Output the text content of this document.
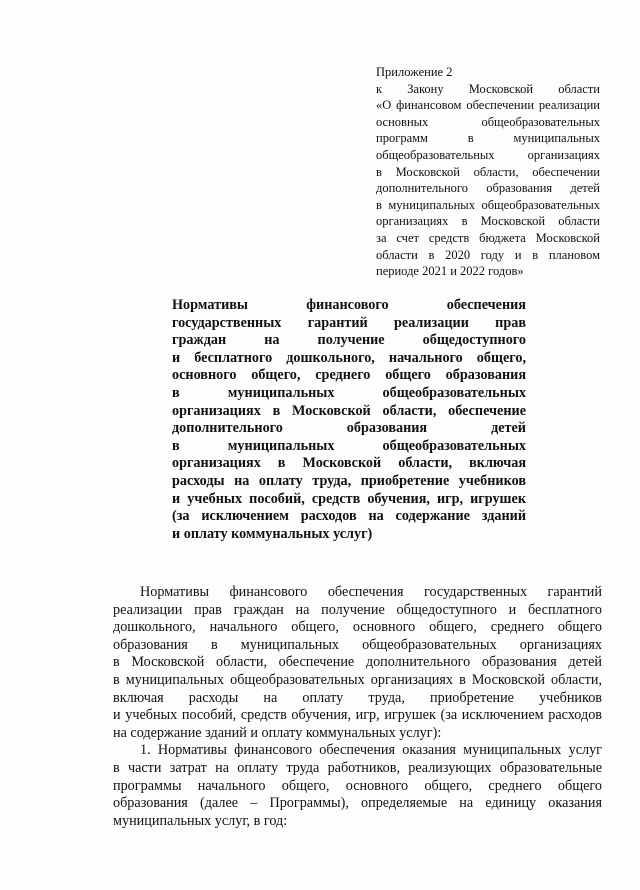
Приложение 2
к Закону Московской области
«О финансовом обеспечении реализации
основных общеобразовательных
программ в муниципальных
общеобразовательных организациях
в Московской области, обеспечении
дополнительного образования детей
в муниципальных общеобразовательных
организациях в Московской области
за счет средств бюджета Московской
области в 2020 году и в плановом
периоде 2021 и 2022 годов»
Нормативы финансового обеспечения
государственных гарантий реализации прав
граждан на получение общедоступного
и бесплатного дошкольного, начального общего,
основного общего, среднего общего образования
в муниципальных общеобразовательных
организациях в Московской области, обеспечение
дополнительного образования детей
в муниципальных общеобразовательных
организациях в Московской области, включая
расходы на оплату труда, приобретение учебников
и учебных пособий, средств обучения, игр, игрушек
(за исключением расходов на содержание зданий
и оплату коммунальных услуг)
Нормативы финансового обеспечения государственных гарантий
реализации прав граждан на получение общедоступного и бесплатного
дошкольного, начального общего, основного общего, среднего общего
образования в муниципальных общеобразовательных организациях
в Московской области, обеспечение дополнительного образования детей
в муниципальных общеобразовательных организациях в Московской области,
включая расходы на оплату труда, приобретение учебников
и учебных пособий, средств обучения, игр, игрушек (за исключением расходов
на содержание зданий и оплату коммунальных услуг):
1. Нормативы финансового обеспечения оказания муниципальных услуг
в части затрат на оплату труда работников, реализующих образовательные
программы начального общего, основного общего, среднего общего
образования (далее – Программы), определяемые на единицу оказания
муниципальных услуг, в год:
